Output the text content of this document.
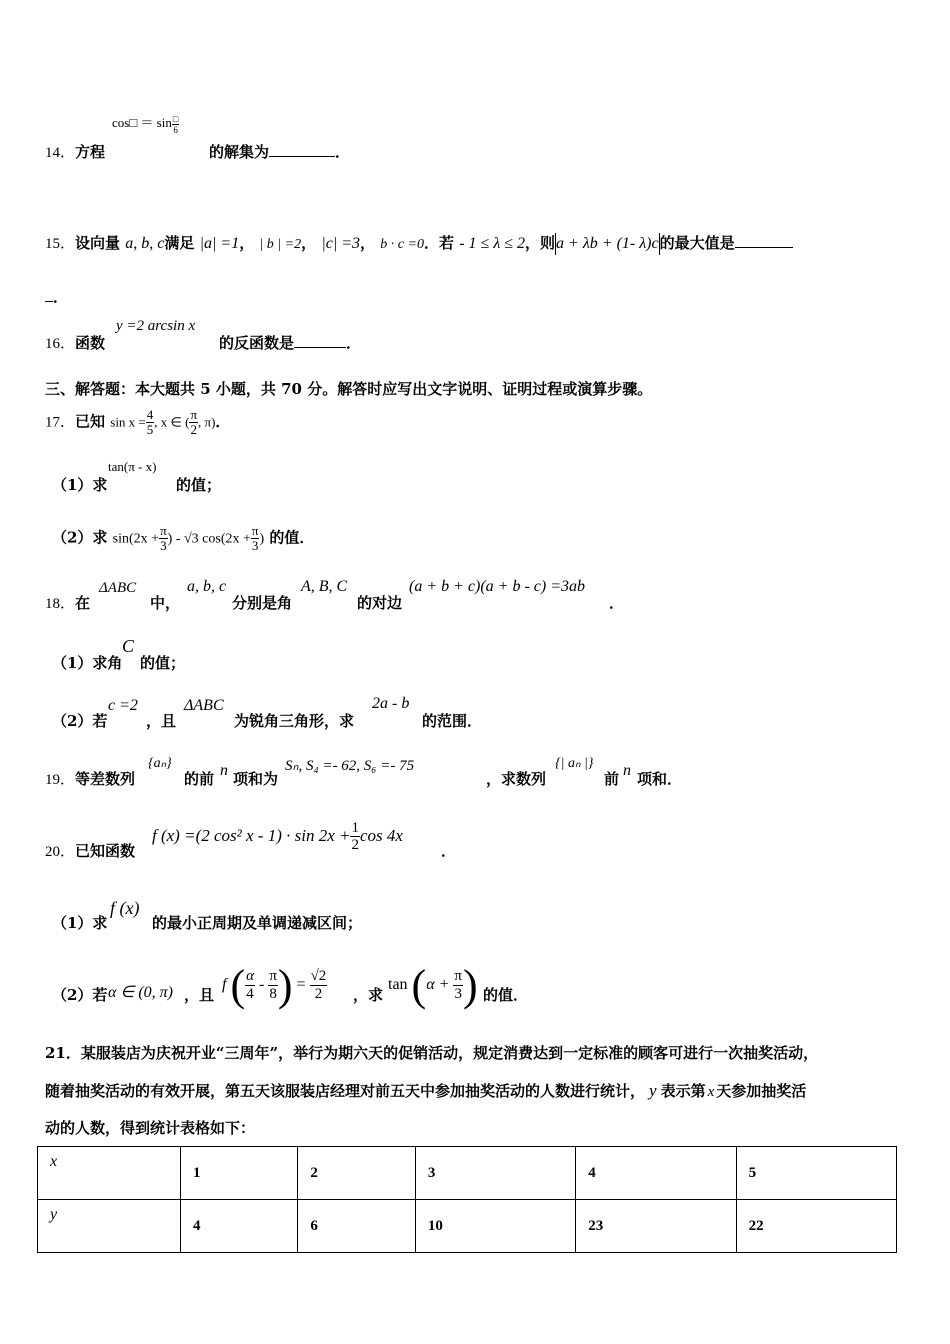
cos□ ＝ $\sin \frac{□}{6}$
14．方程	的解集为	．
15．设向量 a, b, c满足 |a| =1， | b | =2， |c| =3， b · c =0．若 - 1 ≤ λ ≤ 2，则a + λb + (1- λ)c的最大值是
．
16．函数
y =2 arcsin x
的反函数是	．
三、解答题：本大题共 5 小题，共 70 分。解答时应写出文字说明、证明过程或演算步骤。
17．已知 $\sin x = \frac{4}{5}$ , x ∈ ( $\frac{\pi}{2}$ , π)．
（1）求
tan(π - x)
的值；
（2）求 $\sin(2x + \frac{\pi}{3}$ ) - √3 $\cos(2x + \frac{\pi}{3}$ ) 的值．
18．在
ΔABC
中，
a, b, c
分别是角
A, B, C
的对边
(a + b + c)(a + b - c) =3ab
．
（1）求角
C
的值；
（2）若
c =2
，且
ΔABC
为锐角三角形，求
2a - b
的范围．
19．等差数列
{aₙ}
的前 n 项和为
Sₙ, S₄ =- 62, S₆ =- 75
，求数列
{| aₙ |}
前 n 项和．
20．已知函数
f (x) =(2 cos² $x - 1) \cdot \sin 2x + \frac{1}{2}$ cos 4x
．
（1）求
f (x)
的最小正周期及单调递减区间；
（2）若 α ∈ (0, π) ，且
f ( $\frac{\alpha}{4} - \frac{\pi}{8}$ ) = $\frac{√2}{2}$ ，求
$\tan (\alpha + \frac{\pi}{3}$ ) 的值．
21．某服装店为庆祝开业“三周年”，举行为期六天的促销活动，规定消费达到一定标准的顾客可进行一次抽奖活动，
随着抽奖活动的有效开展，第五天该服装店经理对前五天中参加抽奖活动的人数进行统计， y 表示第 x 天参加抽奖活
动的人数，得到统计表格如下：
x	1	2	3	4	5
y	4	6	10	23	22
